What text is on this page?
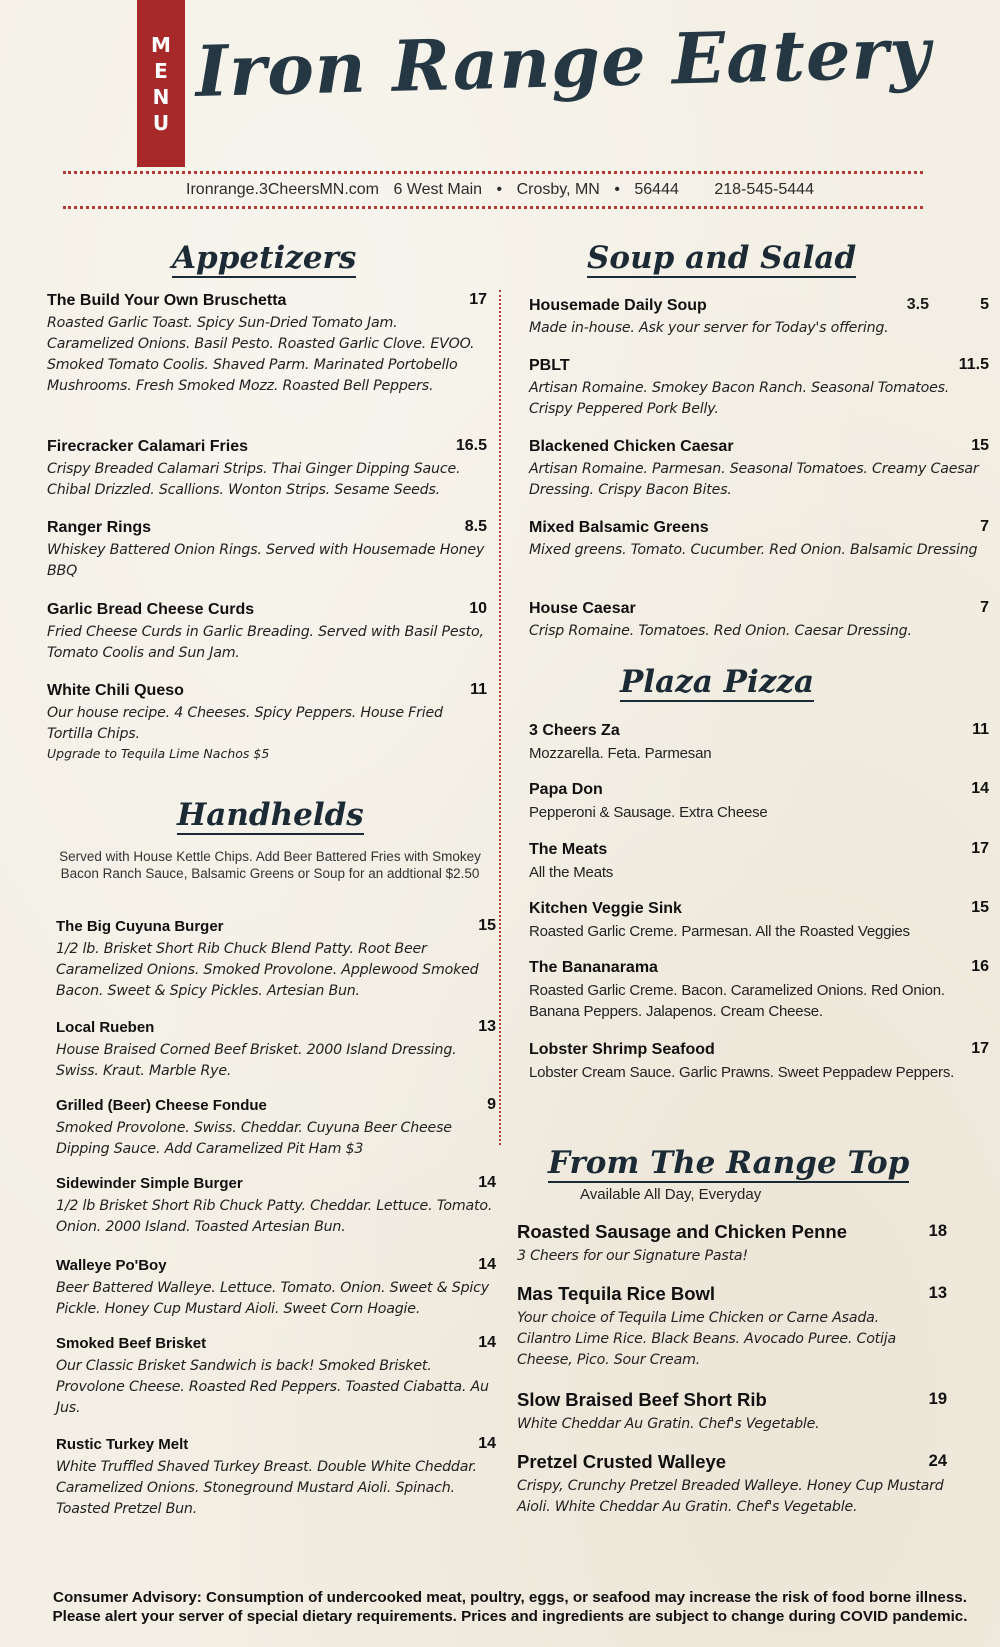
M
E
N
U
Iron Range Eatery
Ironrange.3CheersMN.com 6 West Main • Crosby, MN • 56444 218-545-5444
Appetizers	Soup and Salad
Plaza Pizza
Handhelds
From The Range Top
Available All Day, Everyday
The Build Your Own Bruschetta	17
Roasted Garlic Toast. Spicy Sun-Dried Tomato Jam. Caramelized Onions. Basil Pesto. Roasted Garlic Clove. EVOO. Smoked Tomato Coolis. Shaved Parm. Marinated Portobello Mushrooms. Fresh Smoked Mozz. Roasted Bell Peppers.
Firecracker Calamari Fries	16.5
Crispy Breaded Calamari Strips. Thai Ginger Dipping Sauce. Chibal Drizzled. Scallions. Wonton Strips. Sesame Seeds.
Ranger Rings	8.5
Whiskey Battered Onion Rings. Served with Housemade Honey BBQ
Garlic Bread Cheese Curds	10
Fried Cheese Curds in Garlic Breading. Served with Basil Pesto, Tomato Coolis and Sun Jam.
White Chili Queso	11
Our house recipe. 4 Cheeses. Spicy Peppers. House Fried Tortilla Chips.
Upgrade to Tequila Lime Nachos $5
Served with House Kettle Chips. Add Beer Battered Fries with Smokey Bacon Ranch Sauce, Balsamic Greens or Soup for an addtional $2.50
The Big Cuyuna Burger	15
1/2 lb. Brisket Short Rib Chuck Blend Patty. Root Beer Caramelized Onions. Smoked Provolone. Applewood Smoked Bacon. Sweet & Spicy Pickles. Artesian Bun.
Local Rueben	13
House Braised Corned Beef Brisket. 2000 Island Dressing. Swiss. Kraut. Marble Rye.
Grilled (Beer) Cheese Fondue	9
Smoked Provolone. Swiss. Cheddar. Cuyuna Beer Cheese Dipping Sauce. Add Caramelized Pit Ham $3
Sidewinder Simple Burger	14
1/2 lb Brisket Short Rib Chuck Patty. Cheddar. Lettuce. Tomato. Onion. 2000 Island. Toasted Artesian Bun.
Walleye Po'Boy	14
Beer Battered Walleye. Lettuce. Tomato. Onion. Sweet & Spicy Pickle. Honey Cup Mustard Aioli. Sweet Corn Hoagie.
Smoked Beef Brisket	14
Our Classic Brisket Sandwich is back! Smoked Brisket. Provolone Cheese. Roasted Red Peppers. Toasted Ciabatta. Au Jus.
Rustic Turkey Melt	14
White Truffled Shaved Turkey Breast. Double White Cheddar. Caramelized Onions. Stoneground Mustard Aioli. Spinach. Toasted Pretzel Bun.
Housemade Daily Soup	3.5	5
Made in-house. Ask your server for Today's offering.
PBLT	11.5
Artisan Romaine. Smokey Bacon Ranch. Seasonal Tomatoes. Crispy Peppered Pork Belly.
Blackened Chicken Caesar	15
Artisan Romaine. Parmesan. Seasonal Tomatoes. Creamy Caesar Dressing. Crispy Bacon Bites.
Mixed Balsamic Greens	7
Mixed greens. Tomato. Cucumber. Red Onion. Balsamic Dressing
House Caesar	7
Crisp Romaine. Tomatoes. Red Onion. Caesar Dressing.
3 Cheers Za	11
Mozzarella. Feta. Parmesan
Papa Don	14
Pepperoni & Sausage. Extra Cheese
The Meats	17
All the Meats
Kitchen Veggie Sink	15
Roasted Garlic Creme. Parmesan. All the Roasted Veggies
The Bananarama	16
Roasted Garlic Creme. Bacon. Caramelized Onions. Red Onion. Banana Peppers. Jalapenos. Cream Cheese.
Lobster Shrimp Seafood	17
Lobster Cream Sauce. Garlic Prawns. Sweet Peppadew Peppers.
Roasted Sausage and Chicken Penne	18
3 Cheers for our Signature Pasta!
Mas Tequila Rice Bowl	13
Your choice of Tequila Lime Chicken or Carne Asada. Cilantro Lime Rice. Black Beans. Avocado Puree. Cotija Cheese, Pico. Sour Cream.
Slow Braised Beef Short Rib	19
White Cheddar Au Gratin. Chef's Vegetable.
Pretzel Crusted Walleye	24
Crispy, Crunchy Pretzel Breaded Walleye. Honey Cup Mustard Aioli. White Cheddar Au Gratin. Chef's Vegetable.
Consumer Advisory: Consumption of undercooked meat, poultry, eggs, or seafood may increase the risk of food borne illness. Please alert your server of special dietary requirements. Prices and ingredients are subject to change during COVID pandemic.
